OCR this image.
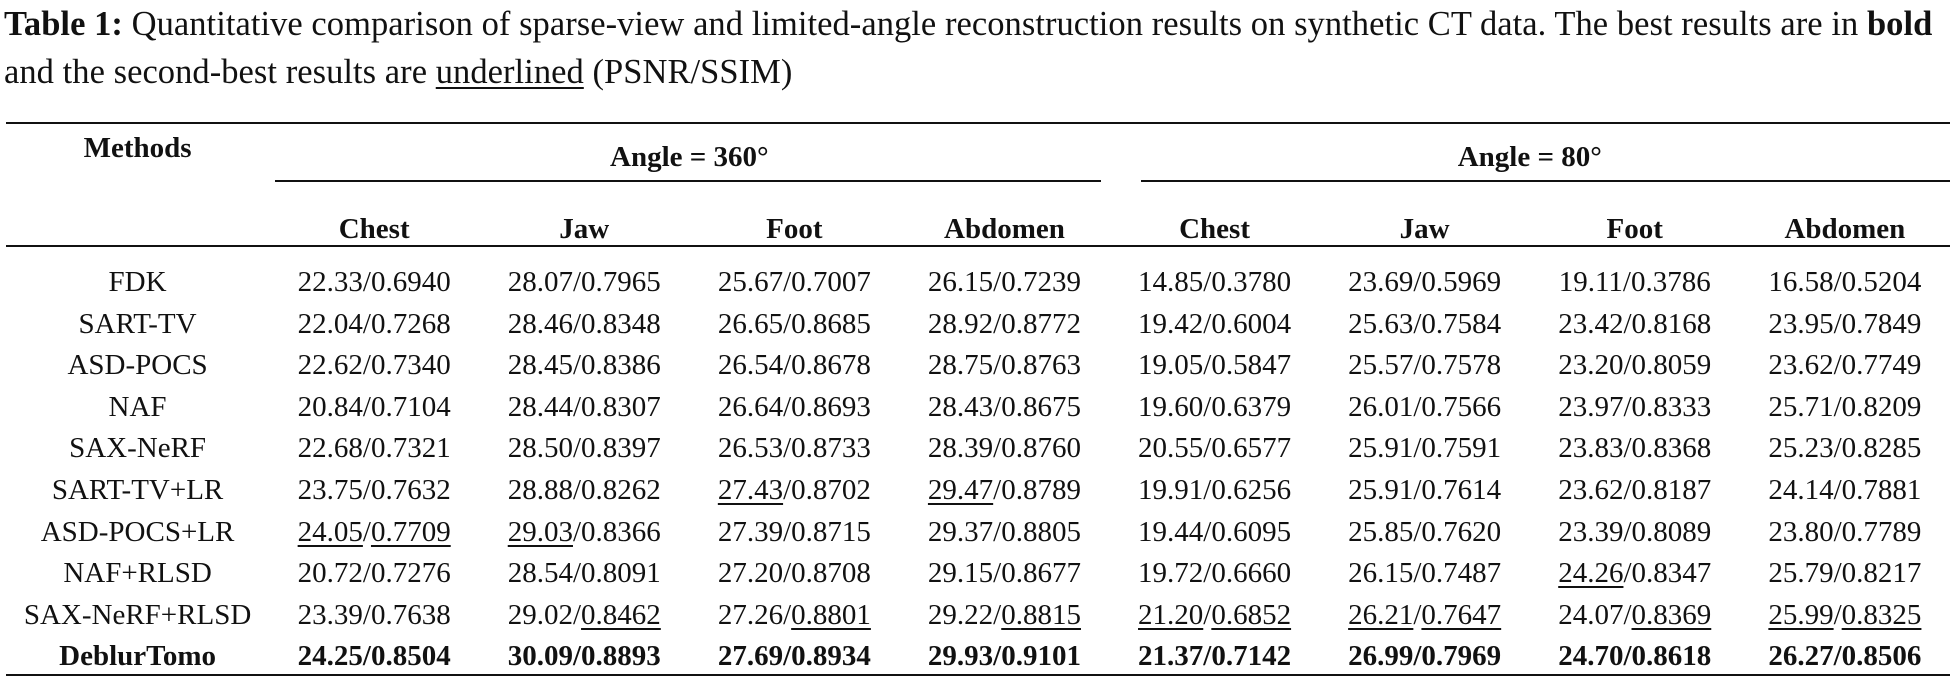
Table 1: Quantitative comparison of sparse-view and limited-angle reconstruction results on synthetic CT data. The best results are in bold and the second-best results are underlined (PSNR/SSIM)
Methods	Angle = 360°				Angle = 80°			
	Chest	Jaw	Foot	Abdomen	Chest	Jaw	Foot	Abdomen
FDK	22.33/0.6940	28.07/0.7965	25.67/0.7007	26.15/0.7239	14.85/0.3780	23.69/0.5969	19.11/0.3786	16.58/0.5204
SART-TV	22.04/0.7268	28.46/0.8348	26.65/0.8685	28.92/0.8772	19.42/0.6004	25.63/0.7584	23.42/0.8168	23.95/0.7849
ASD-POCS	22.62/0.7340	28.45/0.8386	26.54/0.8678	28.75/0.8763	19.05/0.5847	25.57/0.7578	23.20/0.8059	23.62/0.7749
NAF	20.84/0.7104	28.44/0.8307	26.64/0.8693	28.43/0.8675	19.60/0.6379	26.01/0.7566	23.97/0.8333	25.71/0.8209
SAX-NeRF	22.68/0.7321	28.50/0.8397	26.53/0.8733	28.39/0.8760	20.55/0.6577	25.91/0.7591	23.83/0.8368	25.23/0.8285
SART-TV+LR	23.75/0.7632	28.88/0.8262	27.43/0.8702	29.47/0.8789	19.91/0.6256	25.91/0.7614	23.62/0.8187	24.14/0.7881
ASD-POCS+LR	24.05/0.7709	29.03/0.8366	27.39/0.8715	29.37/0.8805	19.44/0.6095	25.85/0.7620	23.39/0.8089	23.80/0.7789
NAF+RLSD	20.72/0.7276	28.54/0.8091	27.20/0.8708	29.15/0.8677	19.72/0.6660	26.15/0.7487	24.26/0.8347	25.79/0.8217
SAX-NeRF+RLSD	23.39/0.7638	29.02/0.8462	27.26/0.8801	29.22/0.8815	21.20/0.6852	26.21/0.7647	24.07/0.8369	25.99/0.8325
DeblurTomo	24.25/0.8504	30.09/0.8893	27.69/0.8934	29.93/0.9101	21.37/0.7142	26.99/0.7969	24.70/0.8618	26.27/0.8506
